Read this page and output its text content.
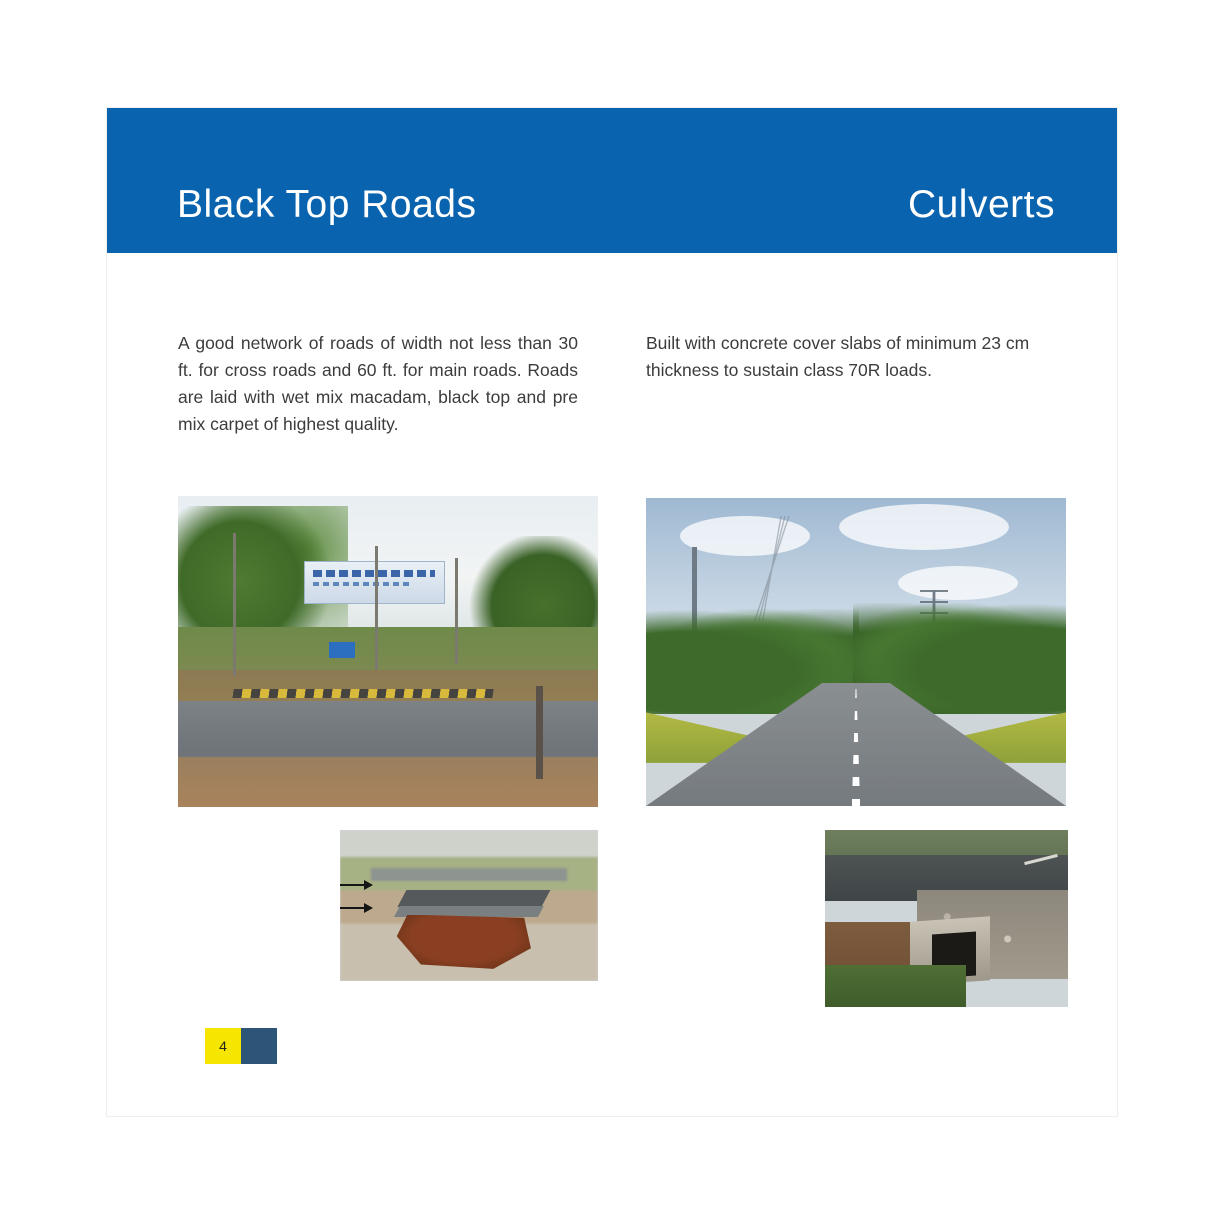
Black Top Roads	Culverts

A good network of roads of width not less than 30 ft. for cross roads and 60 ft. for main roads. Roads are laid with wet mix macadam, black top and pre mix carpet of highest quality.

Built with concrete cover slabs of minimum 23 cm thickness to sustain class 70R loads.

4
